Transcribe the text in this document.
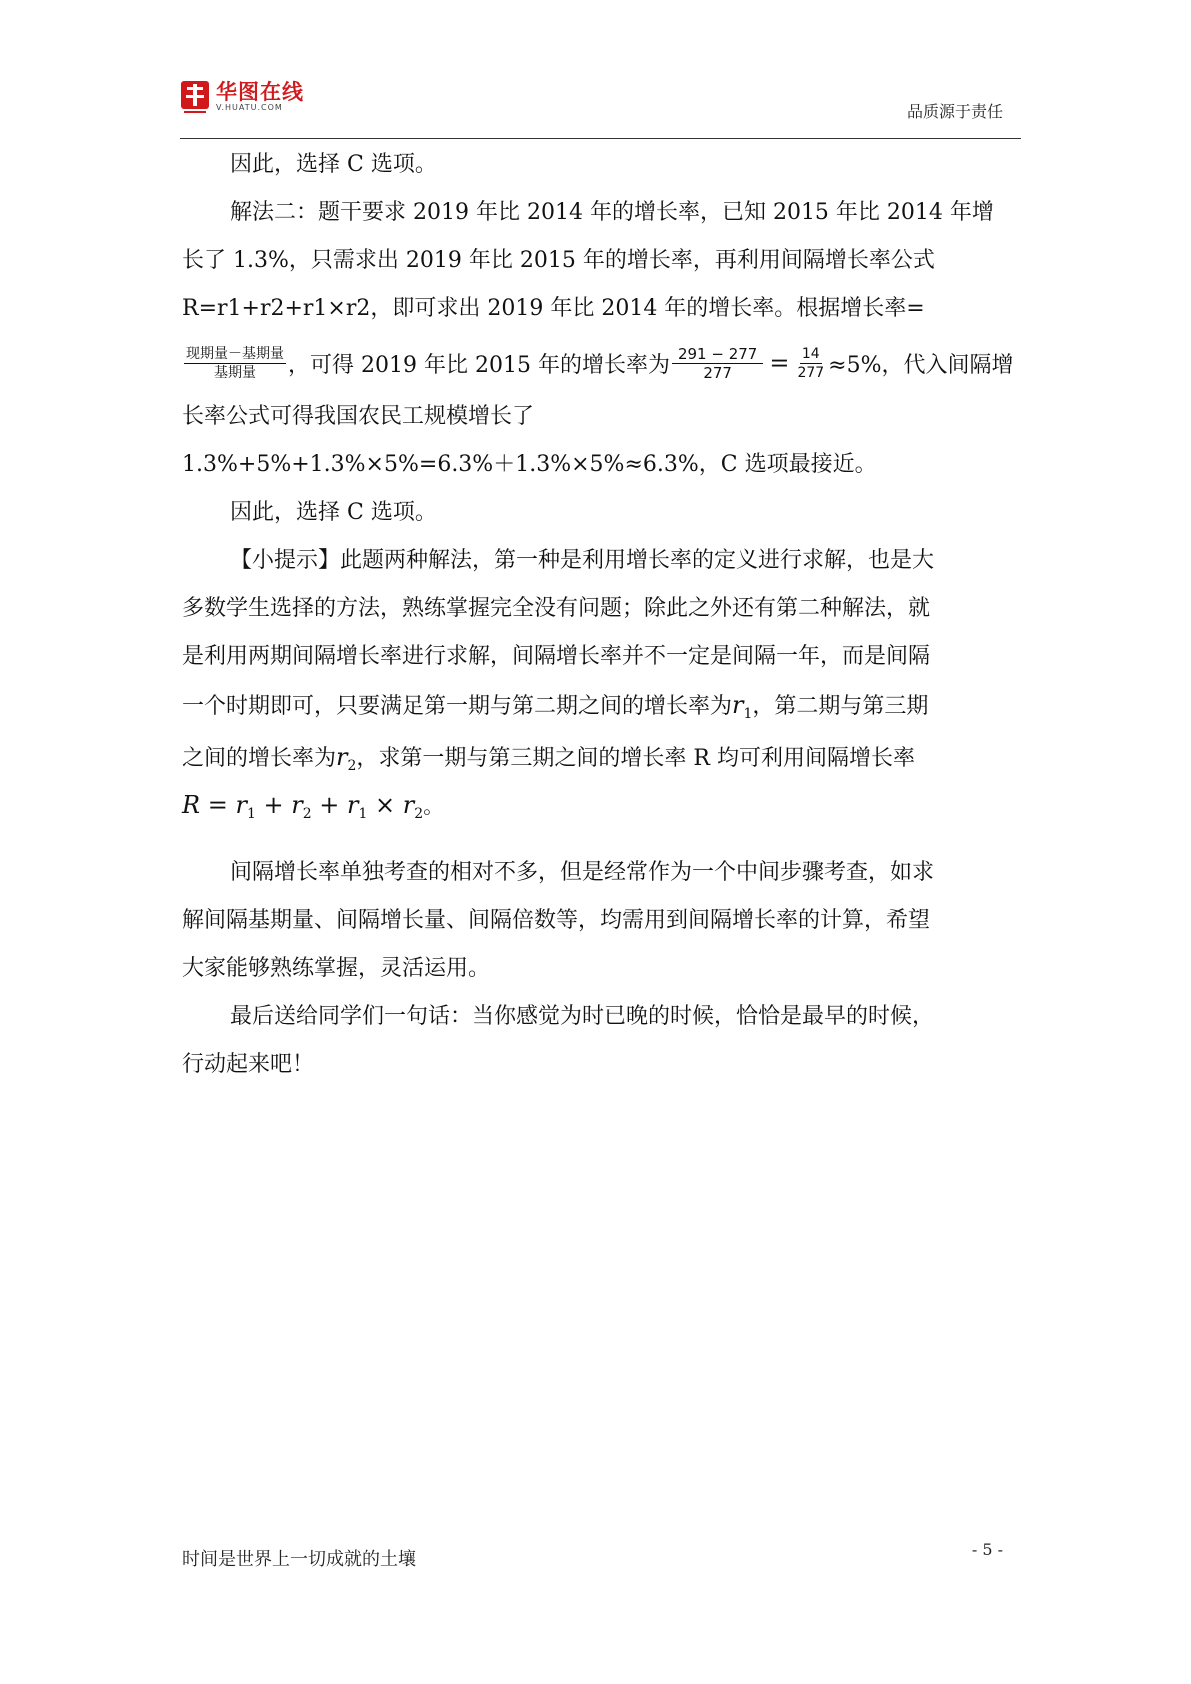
华图在线
V.HUATU.COM	品质源于责任

因此，选择 C 选项。

解法二：题干要求 2019 年比 2014 年的增长率，已知 2015 年比 2014 年增

长了 1.3%，只需求出 2019 年比 2015 年的增长率，再利用间隔增长率公式

R=r1+r2+r1×r2，即可求出 2019 年比 2014 年的增长率。根据增长率=

$\frac{\text{现期量－基期量}}{\text{基期量}}$ ，可得 2019 年比 2015 年的增长率为 $\frac{291 - 277}{277} = \frac{14}{277} \approx 5\%$，代入间隔增

长率公式可得我国农民工规模增长了

1.3%+5%+1.3%×5%=6.3%＋1.3%×5%≈6.3%，C 选项最接近。

因此，选择 C 选项。

【小提示】此题两种解法，第一种是利用增长率的定义进行求解，也是大

多数学生选择的方法，熟练掌握完全没有问题；除此之外还有第二种解法，就

是利用两期间隔增长率进行求解，间隔增长率并不一定是间隔一年，而是间隔

一个时期即可，只要满足第一期与第二期之间的增长率为$r_1$，第二期与第三期

之间的增长率为$r_2$，求第一期与第三期之间的增长率 R 均可利用间隔增长率

$R = r_1 + r_2 + r_1 \times r_2$。

间隔增长率单独考查的相对不多，但是经常作为一个中间步骤考查，如求

解间隔基期量、间隔增长量、间隔倍数等，均需用到间隔增长率的计算，希望

大家能够熟练掌握，灵活运用。

最后送给同学们一句话：当你感觉为时已晚的时候，恰恰是最早的时候，

行动起来吧！

时间是世界上一切成就的土壤	- 5 -
